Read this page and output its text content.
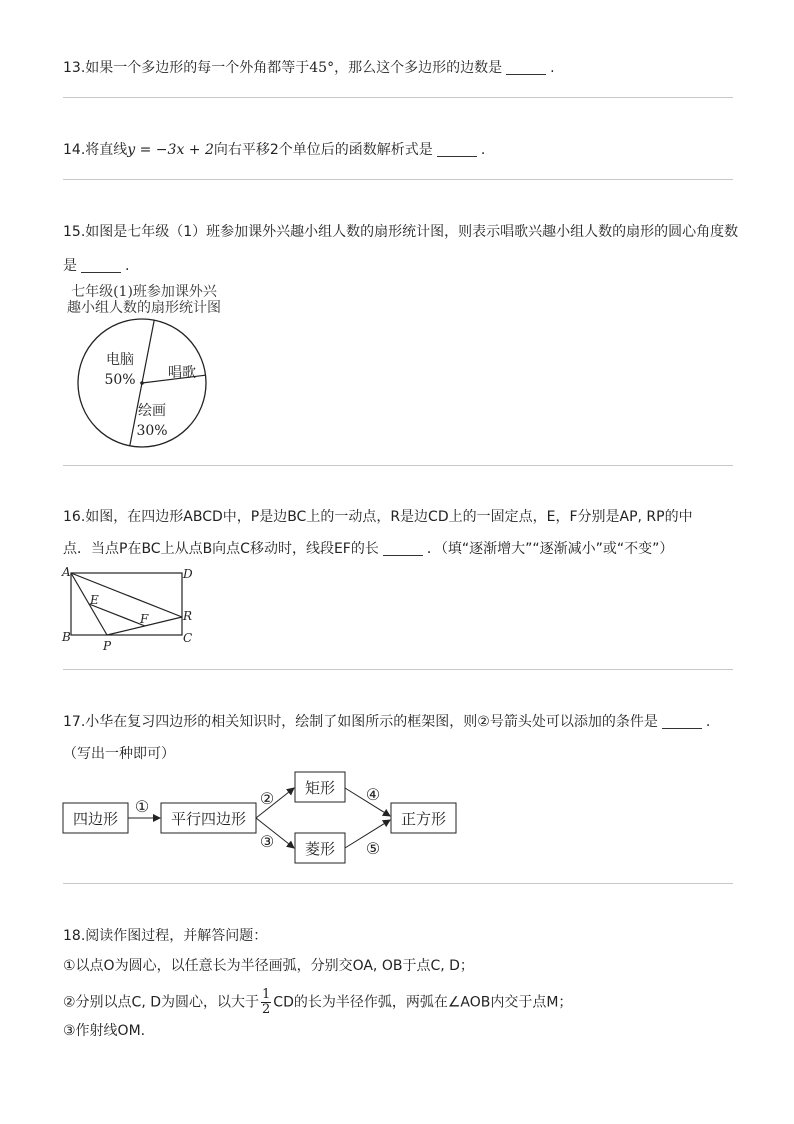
13.如果一个多边形的每一个外角都等于45°，那么这个多边形的边数是	.
14.将直线y = −3x + 2向右平移2个单位后的函数解析式是	.
15.如图是七年级（1）班参加课外兴趣小组人数的扇形统计图，则表示唱歌兴趣小组人数的扇形的圆心角度数
是	.
七年级(1)班参加课外兴
趣小组人数的扇形统计图
电脑
50% 唱歌
绘画
30%
16.如图，在四边形ABCD中，P是边BC上的一动点，R是边CD上的一固定点，E，F分别是AP, RP的中
点．当点P在BC上从点B向点C移动时，线段EF的长	．（填“逐渐增大”“逐渐减小”或“不变”）
A	D
B	C
E
F	R
P
17.小华在复习四边形的相关知识时，绘制了如图所示的框架图，则②号箭头处可以添加的条件是	.
（写出一种即可）
四边形	平行四边形
矩形
菱形
正方形
①	②
③
④
⑤
18.阅读作图过程，并解答问题：
①以点O为圆心，以任意长为半径画弧，分别交OA, OB于点C, D；
②分别以点C, D为圆心，以大于 $\frac{1}{2}$ CD的长为半径作弧，两弧在∠AOB内交于点M；
③作射线OM.
